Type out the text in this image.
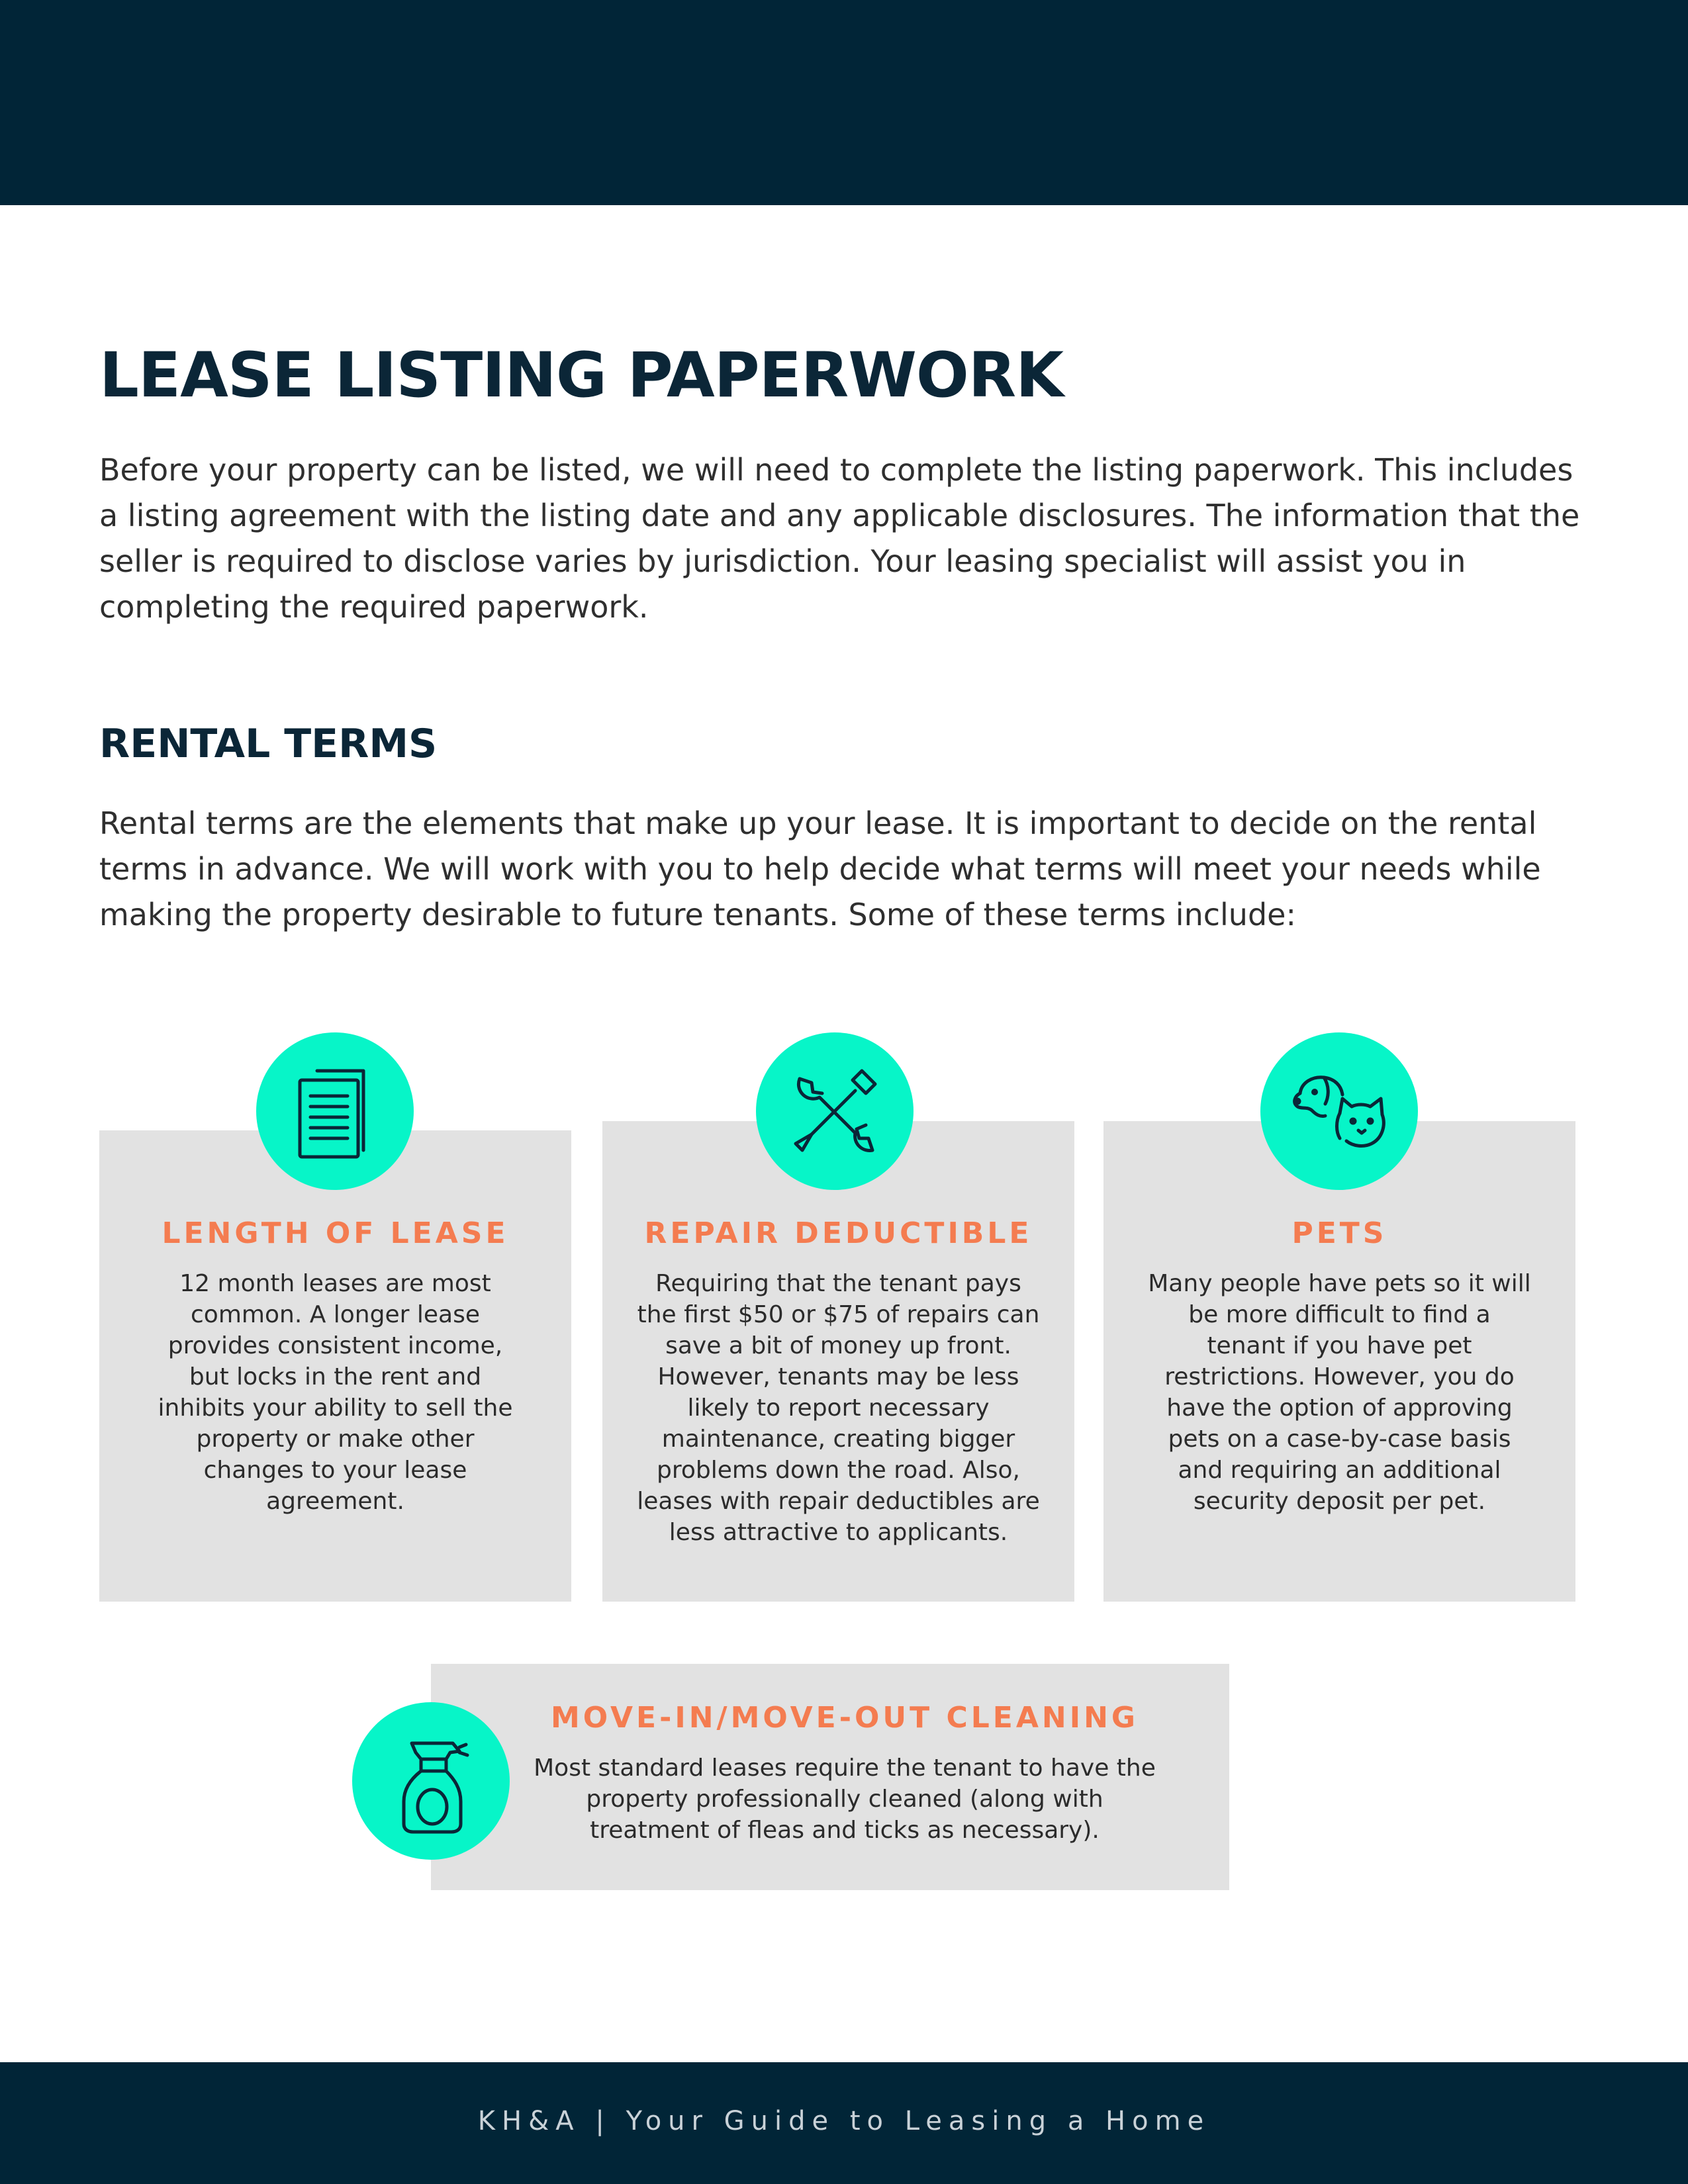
LEASE LISTING PAPERWORK

Before your property can be listed, we will need to complete the listing paperwork. This includes a listing agreement with the listing date and any applicable disclosures. The information that the seller is required to disclose varies by jurisdiction. Your leasing specialist will assist you in completing the required paperwork.

RENTAL TERMS

Rental terms are the elements that make up your lease. It is important to decide on the rental terms in advance. We will work with you to help decide what terms will meet your needs while making the property desirable to future tenants. Some of these terms include:

LENGTH OF LEASE
12 month leases are most common. A longer lease provides consistent income, but locks in the rent and inhibits your ability to sell the property or make other changes to your lease agreement.
REPAIR DEDUCTIBLE
Requiring that the tenant pays the first $50 or $75 of repairs can save a bit of money up front. However, tenants may be less likely to report necessary maintenance, creating bigger problems down the road. Also, leases with repair deductibles are less attractive to applicants.
PETS
Many people have pets so it will be more difficult to find a tenant if you have pet restrictions. However, you do have the option of approving pets on a case-by-case basis and requiring an additional security deposit per pet.
MOVE-IN/MOVE-OUT CLEANING
Most standard leases require the tenant to have the property professionally cleaned (along with treatment of fleas and ticks as necessary).
KH&A | Your Guide to Leasing a Home
